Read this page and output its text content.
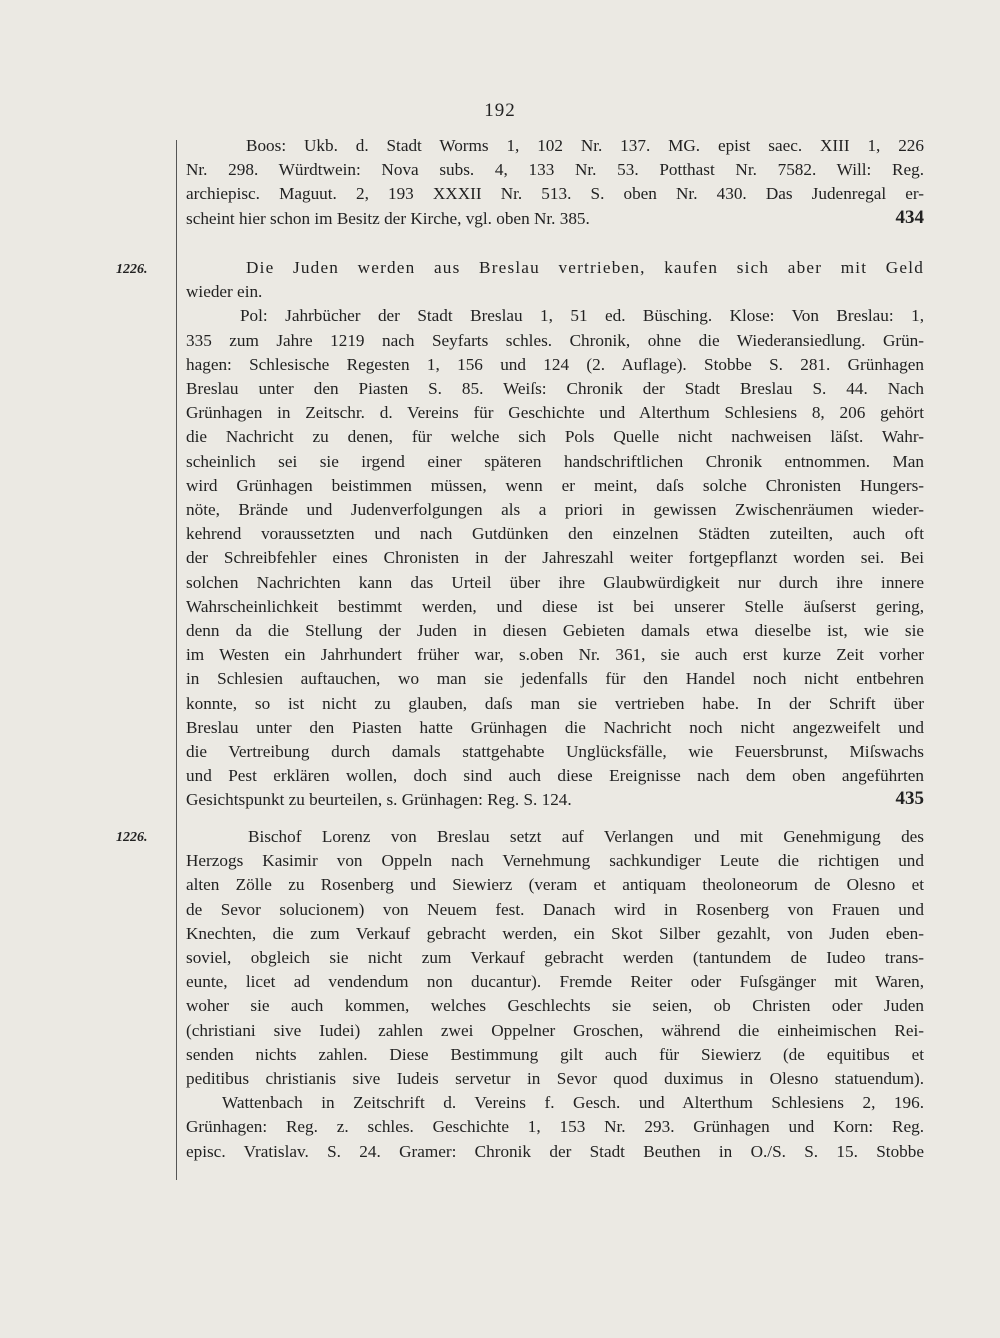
192
Boos: Ukb. d. Stadt Worms 1, 102 Nr. 137. MG. epist saec. XIII 1, 226
Nr. 298. Würdtwein: Nova subs. 4, 133 Nr. 53. Potthast Nr. 7582. Will: Reg.
archiepisc. Maguut. 2, 193 XXXII Nr. 513. S. oben Nr. 430. Das Judenregal er-
scheint hier schon im Besitz der Kirche, vgl. oben Nr. 385.	434
1226.	Die Juden werden aus Breslau vertrieben, kaufen sich aber mit Geld
wieder ein.
Pol: Jahrbücher der Stadt Breslau 1, 51 ed. Büsching. Klose: Von Breslau: 1,
335 zum Jahre 1219 nach Seyfarts schles. Chronik, ohne die Wiederansiedlung. Grün-
hagen: Schlesische Regesten 1, 156 und 124 (2. Auflage). Stobbe S. 281. Grünhagen
Breslau unter den Piasten S. 85. Weiſs: Chronik der Stadt Breslau S. 44. Nach
Grünhagen in Zeitschr. d. Vereins für Geschichte und Alterthum Schlesiens 8, 206 gehört
die Nachricht zu denen, für welche sich Pols Quelle nicht nachweisen läſst. Wahr-
scheinlich sei sie irgend einer späteren handschriftlichen Chronik entnommen. Man
wird Grünhagen beistimmen müssen, wenn er meint, daſs solche Chronisten Hungers-
nöte, Brände und Judenverfolgungen als a priori in gewissen Zwischenräumen wieder-
kehrend voraussetzten und nach Gutdünken den einzelnen Städten zuteilten, auch oft
der Schreibfehler eines Chronisten in der Jahreszahl weiter fortgepflanzt worden sei. Bei
solchen Nachrichten kann das Urteil über ihre Glaubwürdigkeit nur durch ihre innere
Wahrscheinlichkeit bestimmt werden, und diese ist bei unserer Stelle äuſserst gering,
denn da die Stellung der Juden in diesen Gebieten damals etwa dieselbe ist, wie sie
im Westen ein Jahrhundert früher war, s.oben Nr. 361, sie auch erst kurze Zeit vorher
in Schlesien auftauchen, wo man sie jedenfalls für den Handel noch nicht entbehren
konnte, so ist nicht zu glauben, daſs man sie vertrieben habe. In der Schrift über
Breslau unter den Piasten hatte Grünhagen die Nachricht noch nicht angezweifelt und
die Vertreibung durch damals stattgehabte Unglücksfälle, wie Feuersbrunst, Miſswachs
und Pest erklären wollen, doch sind auch diese Ereignisse nach dem oben angeführten
Gesichtspunkt zu beurteilen, s. Grünhagen: Reg. S. 124.	435
1226.	Bischof Lorenz von Breslau setzt auf Verlangen und mit Genehmigung des
Herzogs Kasimir von Oppeln nach Vernehmung sachkundiger Leute die richtigen und
alten Zölle zu Rosenberg und Siewierz (veram et antiquam theoloneorum de Olesno et
de Sevor solucionem) von Neuem fest. Danach wird in Rosenberg von Frauen und
Knechten, die zum Verkauf gebracht werden, ein Skot Silber gezahlt, von Juden eben-
soviel, obgleich sie nicht zum Verkauf gebracht werden (tantundem de Iudeo trans-
eunte, licet ad vendendum non ducantur). Fremde Reiter oder Fuſsgänger mit Waren,
woher sie auch kommen, welches Geschlechts sie seien, ob Christen oder Juden
(christiani sive Iudei) zahlen zwei Oppelner Groschen, während die einheimischen Rei-
senden nichts zahlen. Diese Bestimmung gilt auch für Siewierz (de equitibus et
peditibus christianis sive Iudeis servetur in Sevor quod duximus in Olesno statuendum).
Wattenbach in Zeitschrift d. Vereins f. Gesch. und Alterthum Schlesiens 2, 196.
Grünhagen: Reg. z. schles. Geschichte 1, 153 Nr. 293. Grünhagen und Korn: Reg.
episc. Vratislav. S. 24. Gramer: Chronik der Stadt Beuthen in O./S. S. 15. Stobbe
